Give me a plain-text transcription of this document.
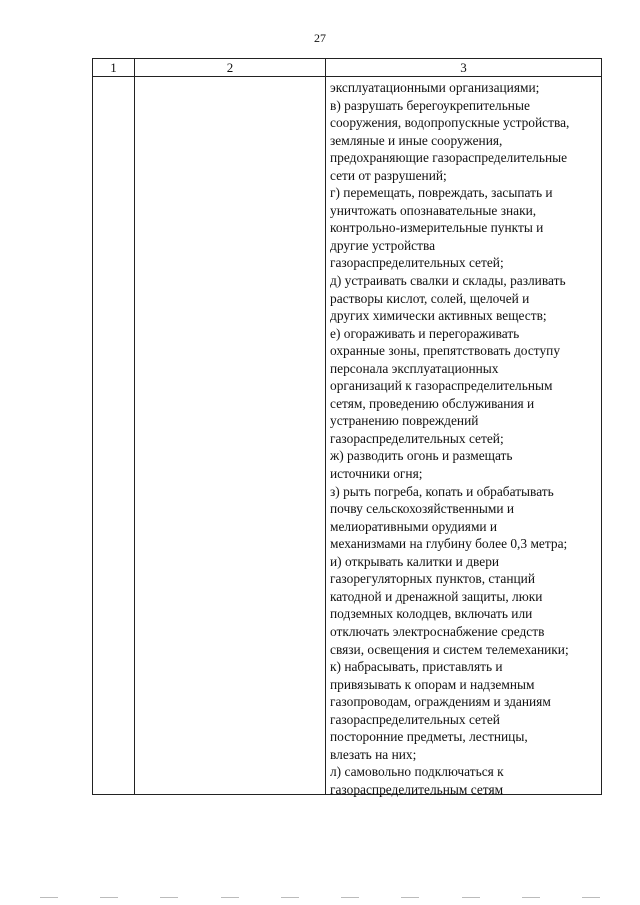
27
1	2	3
эксплуатационными организациями;
в) разрушать берегоукрепительные
сооружения, водопропускные устройства,
земляные и иные сооружения,
предохраняющие газораспределительные
сети от разрушений;
г) перемещать, повреждать, засыпать и
уничтожать опознавательные знаки,
контрольно-измерительные пункты и
другие устройства
газораспределительных сетей;
д) устраивать свалки и склады, разливать
растворы кислот, солей, щелочей и
других химически активных веществ;
е) огораживать и перегораживать
охранные зоны, препятствовать доступу
персонала эксплуатационных
организаций к газораспределительным
сетям, проведению обслуживания и
устранению повреждений
газораспределительных сетей;
ж) разводить огонь и размещать
источники огня;
з) рыть погреба, копать и обрабатывать
почву сельскохозяйственными и
мелиоративными орудиями и
механизмами на глубину более 0,3 метра;
и) открывать калитки и двери
газорегуляторных пунктов, станций
катодной и дренажной защиты, люки
подземных колодцев, включать или
отключать электроснабжение средств
связи, освещения и систем телемеханики;
к) набрасывать, приставлять и
привязывать к опорам и надземным
газопроводам, ограждениям и зданиям
газораспределительных сетей
посторонние предметы, лестницы,
влезать на них;
л) самовольно подключаться к
газораспределительным сетям
